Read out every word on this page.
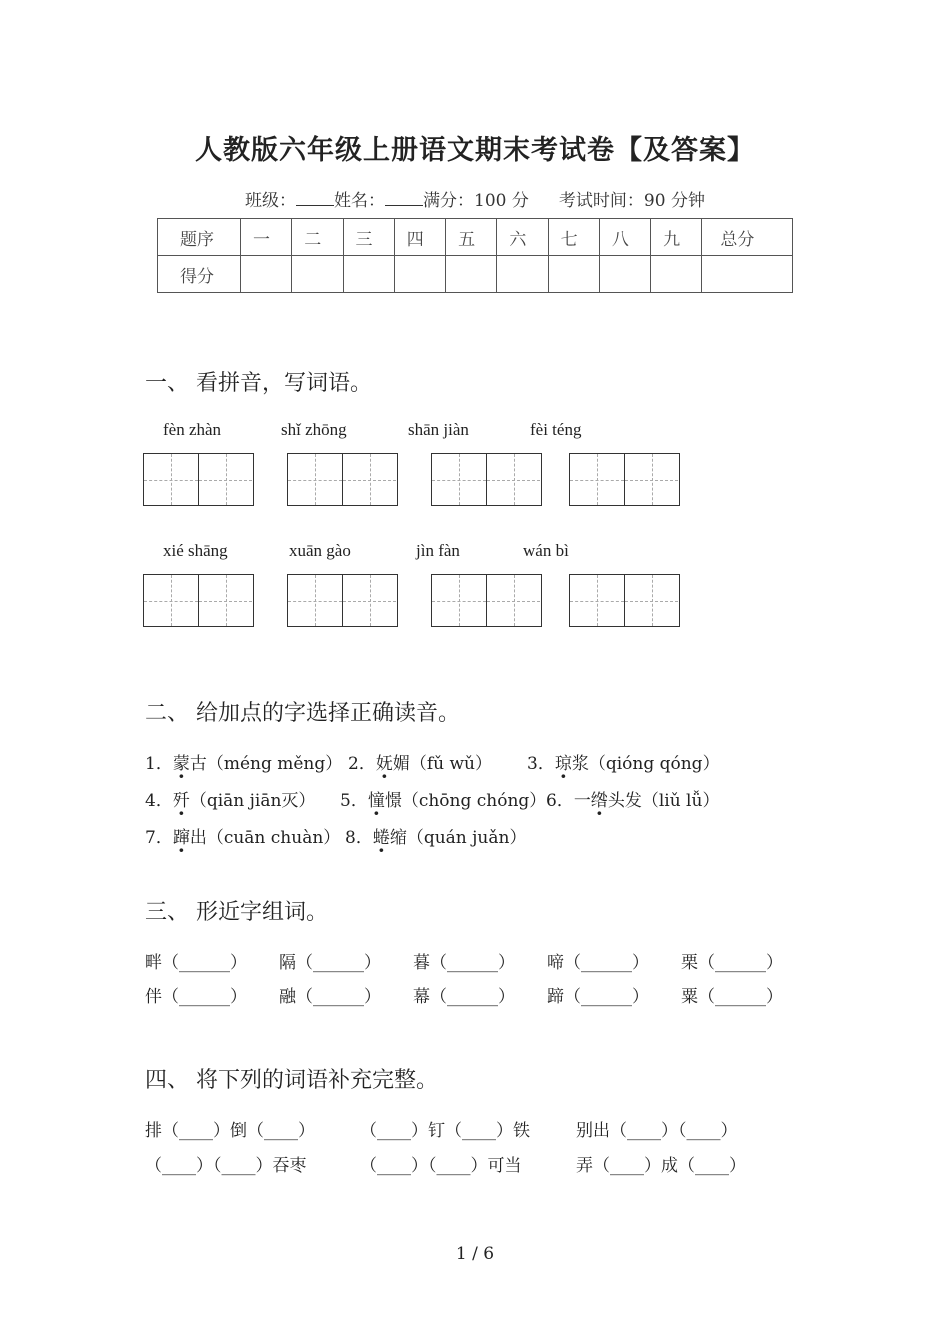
人教版六年级上册语文期末考试卷【及答案】
班级： 姓名： 满分：100 分 考试时间：90 分钟
题序	一	二	三	四	五	六	七	八	九	总分
得分										
一、 看拼音，写词语。
fèn zhàn	shǐ zhōng	shān jiàn	fèi téng
xié shāng	xuān gào	jìn fàn	wán bì
二、 给加点的字选择正确读音。
1．蒙古（méng měng） 2．妩媚（fǔ wǔ） 3．琼浆（qióng qóng）
4．歼（qiān jiān灭） 5．憧憬（chōng chóng） 6．一绺头发（liǔ lǚ）
7．蹿出（cuān chuàn） 8．蜷缩（quán juǎn）
三、 形近字组词。
畔（______） 隔（______） 暮（______） 啼（______） 栗（______）
伴（______） 融（______） 幕（______） 蹄（______） 粟（______）
四、 将下列的词语补充完整。
排（____）倒（____）	（____）钉（____）铁	别出（____）（____）
（____）（____）吞枣	（____）（____）可当	弄（____）成（____）
1 / 6
